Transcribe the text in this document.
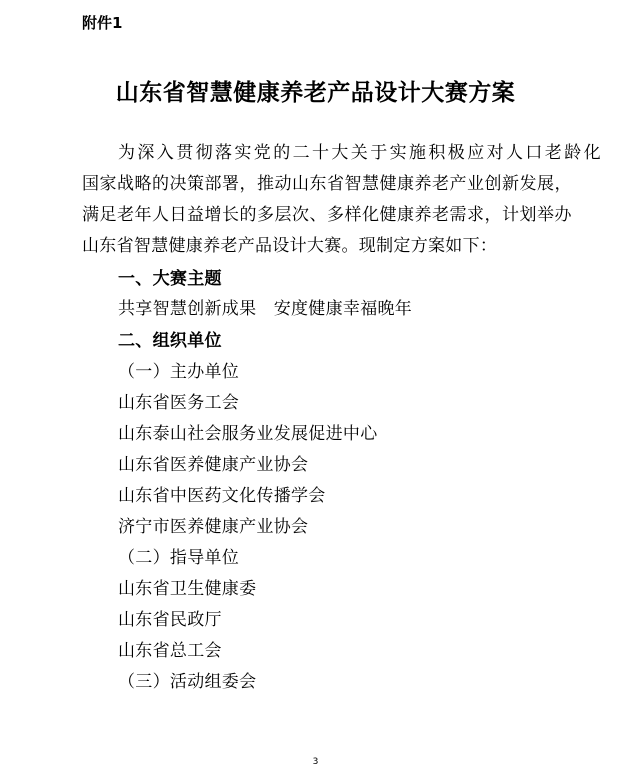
附件1
山东省智慧健康养老产品设计大赛方案
为深入贯彻落实党的二十大关于实施积极应对人口老龄化
国家战略的决策部署，推动山东省智慧健康养老产业创新发展，
满足老年人日益增长的多层次、多样化健康养老需求，计划举办
山东省智慧健康养老产品设计大赛。现制定方案如下：
一、大赛主题
共享智慧创新成果　安度健康幸福晚年
二、组织单位
（一）主办单位
山东省医务工会
山东泰山社会服务业发展促进中心
山东省医养健康产业协会
山东省中医药文化传播学会
济宁市医养健康产业协会
（二）指导单位
山东省卫生健康委
山东省民政厅
山东省总工会
（三）活动组委会
3
